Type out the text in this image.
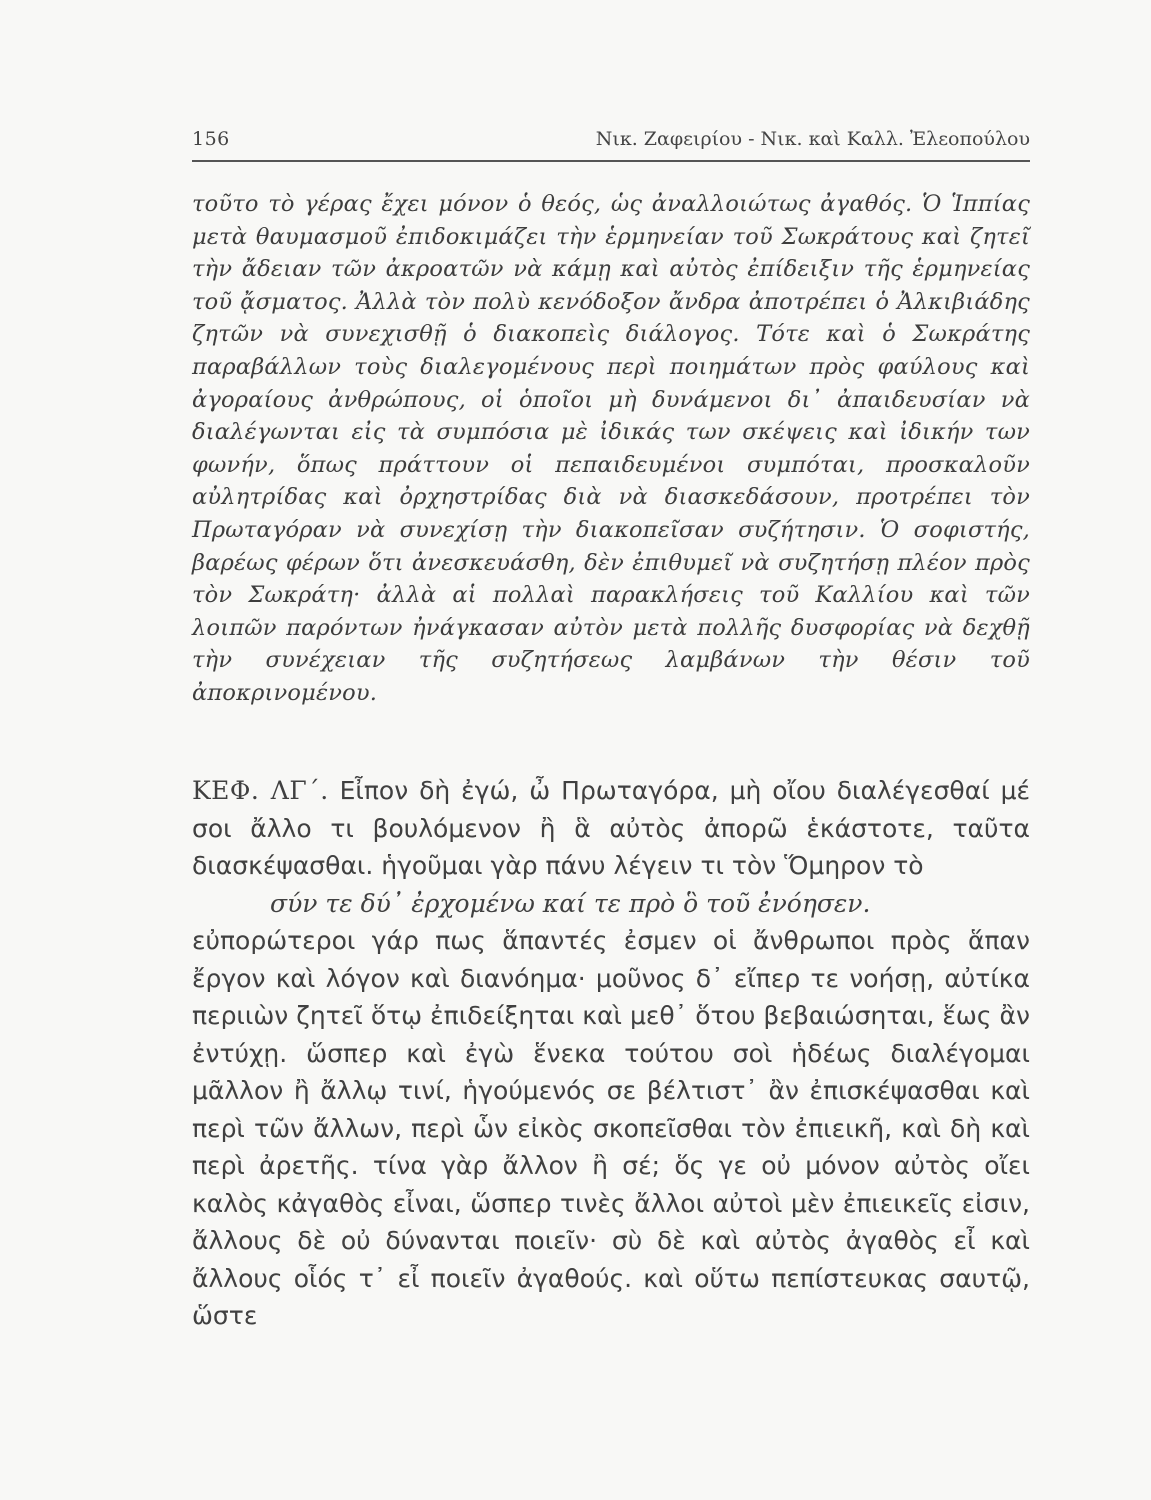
156	Νικ. Ζαφειρίου - Νικ. καὶ Καλλ. Ἐλεοπούλου

τοῦτο τὸ γέρας ἔχει μόνον ὁ θεός, ὡς ἀναλλοιώτως ἀγαθός. Ὁ Ἱππίας μετὰ θαυμασμοῦ ἐπιδοκιμάζει τὴν ἑρμηνείαν τοῦ Σωκράτους καὶ ζητεῖ τὴν ἄδειαν τῶν ἀκροατῶν νὰ κάμῃ καὶ αὐτὸς ἐπίδειξιν τῆς ἑρμηνείας τοῦ ᾄσματος. Ἀλλὰ τὸν πολὺ κενόδοξον ἄνδρα ἀποτρέπει ὁ Ἀλκιβιάδης ζητῶν νὰ συνεχισθῇ ὁ διακοπεὶς διάλογος. Τότε καὶ ὁ Σωκράτης παραβάλλων τοὺς διαλεγομένους περὶ ποιημάτων πρὸς φαύλους καὶ ἀγοραίους ἀνθρώπους, οἱ ὁποῖοι μὴ δυνάμενοι δι᾽ ἀπαιδευσίαν νὰ διαλέγωνται εἰς τὰ συμπόσια μὲ ἰδικάς των σκέψεις καὶ ἰδικήν των φωνήν, ὅπως πράττουν οἱ πεπαιδευμένοι συμπόται, προσκαλοῦν αὐλητρίδας καὶ ὀρχηστρίδας διὰ νὰ διασκεδάσουν, προτρέπει τὸν Πρωταγόραν νὰ συνεχίσῃ τὴν διακοπεῖσαν συζήτησιν. Ὁ σοφιστής, βαρέως φέρων ὅτι ἀνεσκευάσθη, δὲν ἐπιθυμεῖ νὰ συζητήσῃ πλέον πρὸς τὸν Σωκράτη· ἀλλὰ αἱ πολλαὶ παρακλήσεις τοῦ Καλλίου καὶ τῶν λοιπῶν παρόντων ἠνάγκασαν αὐτὸν μετὰ πολλῆς δυσφορίας νὰ δεχθῇ τὴν συνέχειαν τῆς συζητήσεως λαμβάνων τὴν θέσιν τοῦ ἀποκρινομένου.

ΚΕΦ. ΛΓ΄. Εἶπον δὴ ἐγώ, ὦ Πρωταγόρα, μὴ οἴου διαλέγεσθαί μέ σοι ἄλλο τι βουλόμενον ἢ ἃ αὐτὸς ἀπορῶ ἑκάστοτε, ταῦτα διασκέψασθαι. ἡγοῦμαι γὰρ πάνυ λέγειν τι τὸν Ὅμηρον τὸ

σύν τε δύ᾽ ἐρχομένω καί τε πρὸ ὃ τοῦ ἐνόησεν.

εὐπορώτεροι γάρ πως ἅπαντές ἐσμεν οἱ ἄνθρωποι πρὸς ἅπαν ἔργον καὶ λόγον καὶ διανόημα· μοῦνος δ᾽ εἴπερ τε νοήσῃ, αὐτίκα περιιὼν ζητεῖ ὅτῳ ἐπιδείξηται καὶ μεθ᾽ ὅτου βεβαιώσηται, ἕως ἂν ἐντύχῃ. ὥσπερ καὶ ἐγὼ ἕνεκα τούτου σοὶ ἡδέως διαλέγομαι μᾶλλον ἢ ἄλλῳ τινί, ἡγούμενός σε βέλτιστ᾽ ἂν ἐπισκέψασθαι καὶ περὶ τῶν ἄλλων, περὶ ὧν εἰκὸς σκοπεῖσθαι τὸν ἐπιεικῆ, καὶ δὴ καὶ περὶ ἀρετῆς. τίνα γὰρ ἄλλον ἢ σέ; ὅς γε οὐ μόνον αὐτὸς οἴει καλὸς κἀγαθὸς εἶναι, ὥσπερ τινὲς ἄλλοι αὐτοὶ μὲν ἐπιεικεῖς εἰσιν, ἄλλους δὲ οὐ δύνανται ποιεῖν· σὺ δὲ καὶ αὐτὸς ἀγαθὸς εἶ καὶ ἄλλους οἷός τ᾽ εἶ ποιεῖν ἀγαθούς. καὶ οὕτω πεπίστευκας σαυτῷ, ὥστε
